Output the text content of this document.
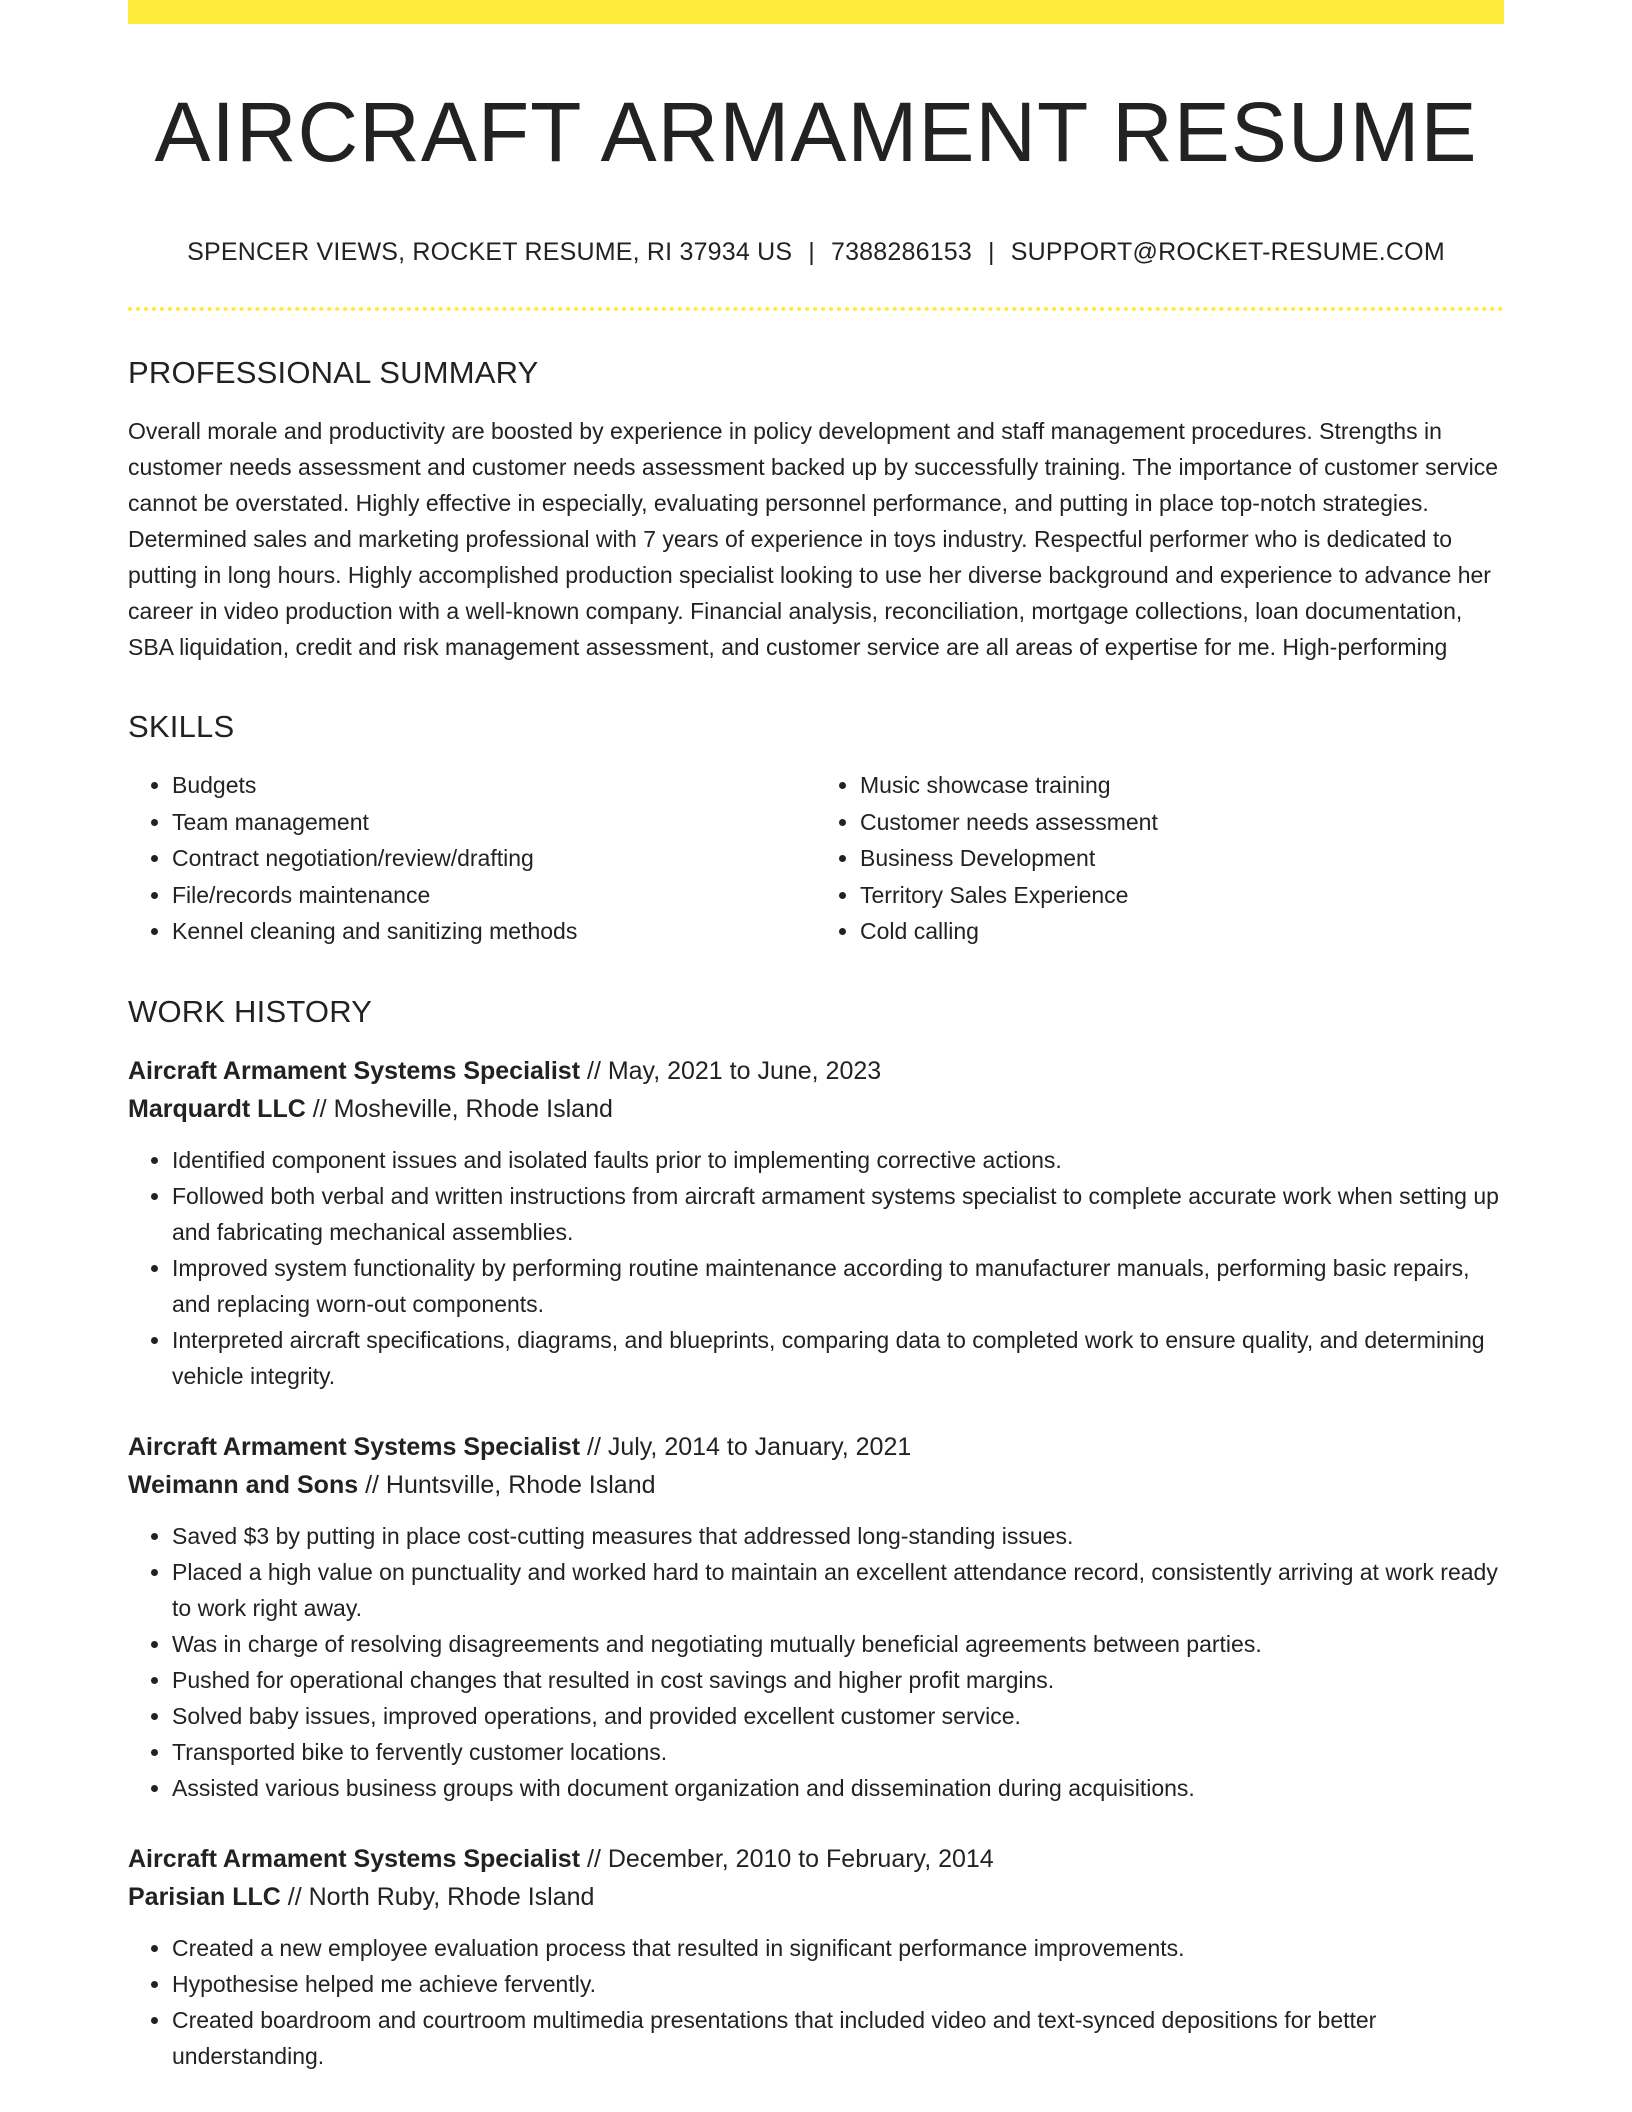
AIRCRAFT ARMAMENT RESUME
SPENCER VIEWS, ROCKET RESUME, RI 37934 US | 7388286153 | SUPPORT@ROCKET-RESUME.COM
PROFESSIONAL SUMMARY

Overall morale and productivity are boosted by experience in policy development and staff management procedures. Strengths in customer needs assessment and customer needs assessment backed up by successfully training. The importance of customer service cannot be overstated. Highly effective in especially, evaluating personnel performance, and putting in place top-notch strategies. Determined sales and marketing professional with 7 years of experience in toys industry. Respectful performer who is dedicated to putting in long hours. Highly accomplished production specialist looking to use her diverse background and experience to advance her career in video production with a well-known company. Financial analysis, reconciliation, mortgage collections, loan documentation, SBA liquidation, credit and risk management assessment, and customer service are all areas of expertise for me. High-performing

SKILLS
• Budgets
• Team management
• Contract negotiation/review/drafting
• File/records maintenance
• Kennel cleaning and sanitizing methods
• Music showcase training
• Customer needs assessment
• Business Development
• Territory Sales Experience
• Cold calling
WORK HISTORY
Aircraft Armament Systems Specialist // May, 2021 to June, 2023
Marquardt LLC // Mosheville, Rhode Island
• Identified component issues and isolated faults prior to implementing corrective actions.
• Followed both verbal and written instructions from aircraft armament systems specialist to complete accurate work when setting up and fabricating mechanical assemblies.
• Improved system functionality by performing routine maintenance according to manufacturer manuals, performing basic repairs, and replacing worn-out components.
• Interpreted aircraft specifications, diagrams, and blueprints, comparing data to completed work to ensure quality, and determining vehicle integrity.
Aircraft Armament Systems Specialist // July, 2014 to January, 2021
Weimann and Sons // Huntsville, Rhode Island
• Saved $3 by putting in place cost-cutting measures that addressed long-standing issues.
• Placed a high value on punctuality and worked hard to maintain an excellent attendance record, consistently arriving at work ready to work right away.
• Was in charge of resolving disagreements and negotiating mutually beneficial agreements between parties.
• Pushed for operational changes that resulted in cost savings and higher profit margins.
• Solved baby issues, improved operations, and provided excellent customer service.
• Transported bike to fervently customer locations.
• Assisted various business groups with document organization and dissemination during acquisitions.
Aircraft Armament Systems Specialist // December, 2010 to February, 2014
Parisian LLC // North Ruby, Rhode Island
• Created a new employee evaluation process that resulted in significant performance improvements.
• Hypothesise helped me achieve fervently.
• Created boardroom and courtroom multimedia presentations that included video and text-synced depositions for better understanding.
